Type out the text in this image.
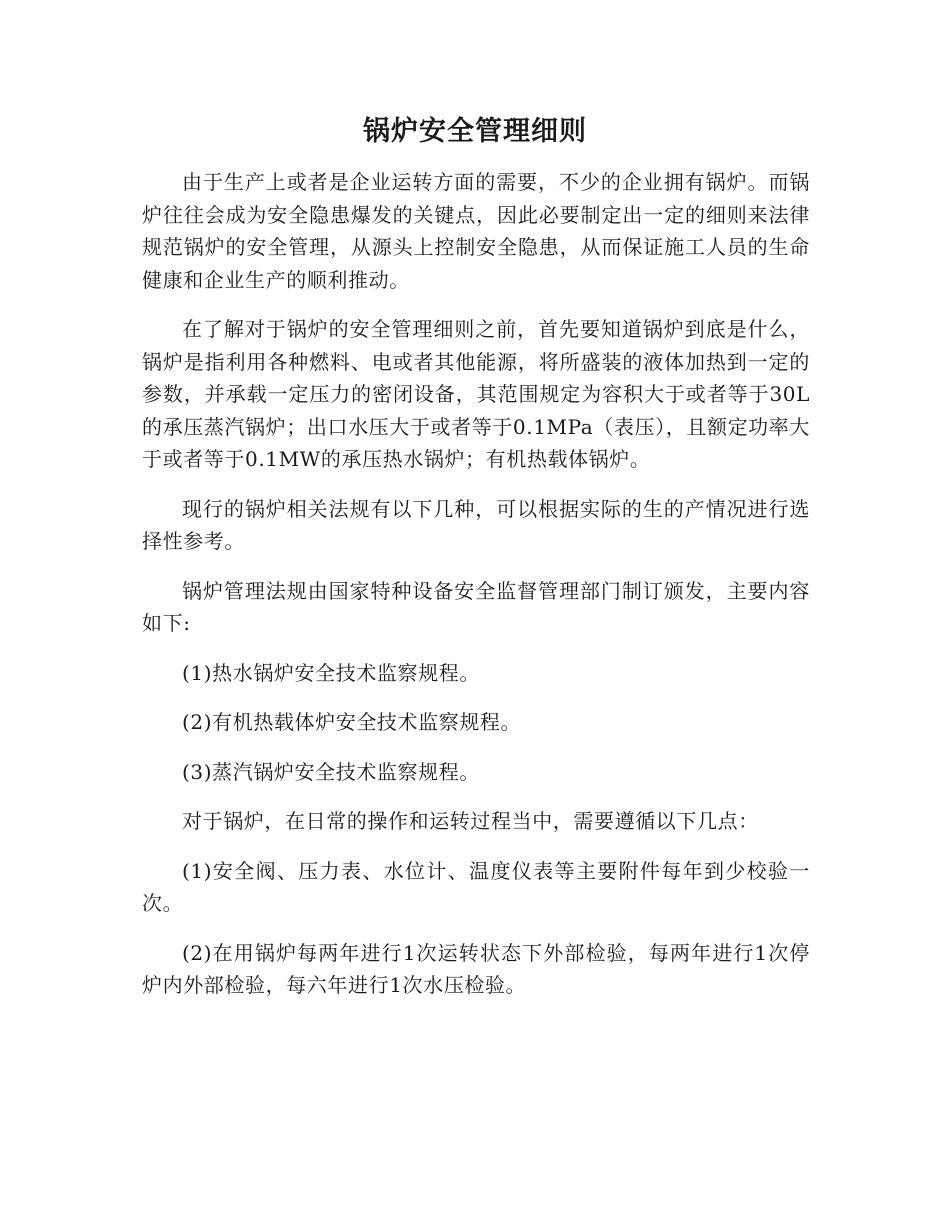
锅炉安全管理细则

由于生产上或者是企业运转方面的需要，不少的企业拥有锅炉。而锅炉往往会成为安全隐患爆发的关键点，因此必要制定出一定的细则来法律规范锅炉的安全管理，从源头上控制安全隐患，从而保证施工人员的生命健康和企业生产的顺利推动。

在了解对于锅炉的安全管理细则之前，首先要知道锅炉到底是什么，锅炉是指利用各种燃料、电或者其他能源，将所盛装的液体加热到一定的参数，并承载一定压力的密闭设备，其范围规定为容积大于或者等于30L的承压蒸汽锅炉；出口水压大于或者等于0.1MPa（表压），且额定功率大于或者等于0.1MW的承压热水锅炉；有机热载体锅炉。

现行的锅炉相关法规有以下几种，可以根据实际的生的产情况进行选择性参考。

锅炉管理法规由国家特种设备安全监督管理部门制订颁发，主要内容如下:

(1)热水锅炉安全技术监察规程。

(2)有机热载体炉安全技术监察规程。

(3)蒸汽锅炉安全技术监察规程。

对于锅炉，在日常的操作和运转过程当中，需要遵循以下几点：

(1)安全阀、压力表、水位计、温度仪表等主要附件每年到少校验一次。

(2)在用锅炉每两年进行1次运转状态下外部检验，每两年进行1次停炉内外部检验，每六年进行1次水压检验。
